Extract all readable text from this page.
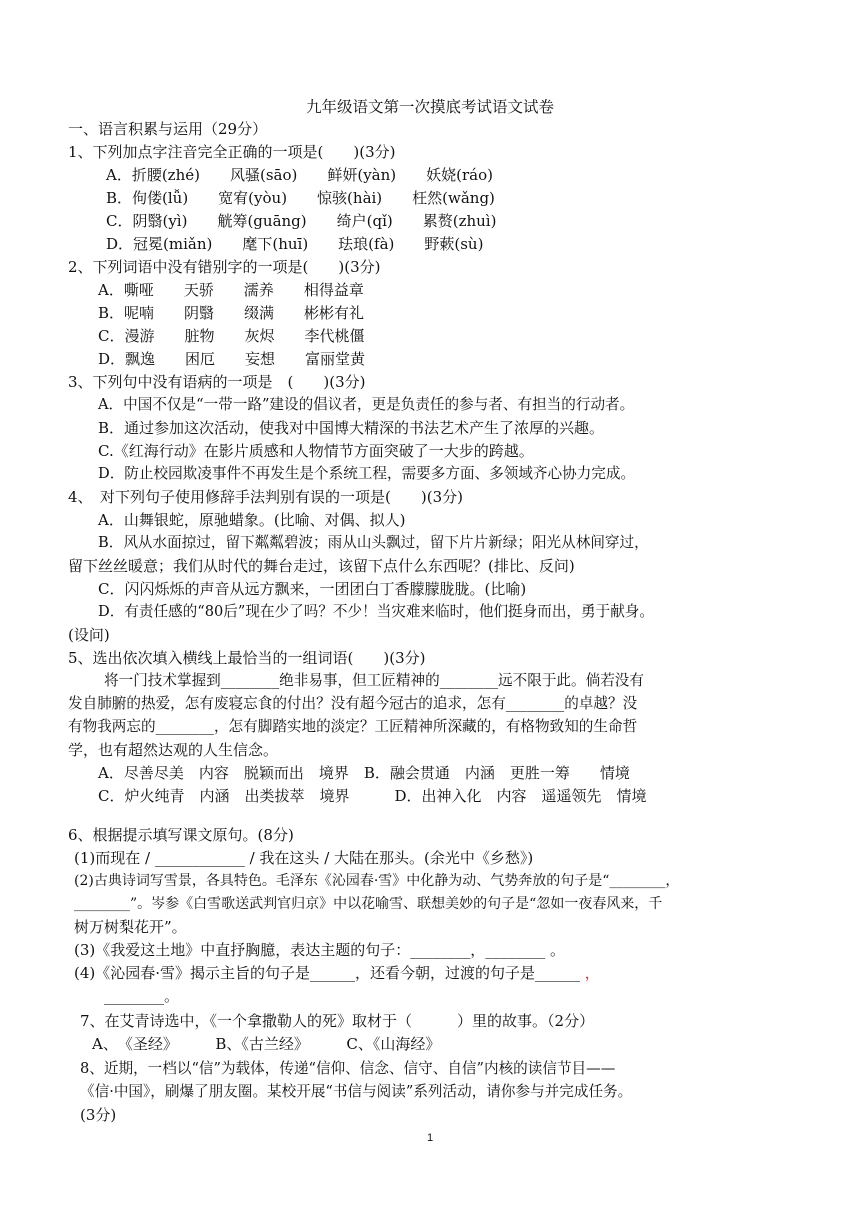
九年级语文第一次摸底考试语文试卷
一、语言积累与运用（29分）
1、下列加点字注音完全正确的一项是(　　)(3分)
A．折腰(zhé)　　风骚(sāo)　　鲜妍(yàn)　　妖娆(ráo)
B．佝偻(lǚ)　　宽宥(yòu)　　惊骇(hài)　　枉然(wǎng)
C．阴翳(yì)　　觥筹(guāng)　　绮户(qǐ)　　累赘(zhuì)
D．冠冕(miǎn)　　麾下(huī)　　珐琅(fà)　　野蔌(sù)
2、下列词语中没有错别字的一项是(　　)(3分)
A．嘶哑　　天骄　　濡养　　相得益章
B．呢喃　　阴翳　　缀满　　彬彬有礼
C．漫游　　脏物　　灰烬　　李代桃僵
D．飘逸　　困厄　　妄想　　富丽堂黄
3、下列句中没有语病的一项是　(　　)(3分)
A．中国不仅是“一带一路”建设的倡议者，更是负责任的参与者、有担当的行动者。
B．通过参加这次活动，使我对中国博大精深的书法艺术产生了浓厚的兴趣。
C.《红海行动》在影片质感和人物情节方面突破了一大步的跨越。
D．防止校园欺凌事件不再发生是个系统工程，需要多方面、多领域齐心协力完成。
4、　对下列句子使用修辞手法判别有误的一项是(　　)(3分)
A．山舞银蛇，原驰蜡象。(比喻、对偶、拟人)
B．风从水面掠过，留下粼粼碧波；雨从山头飘过，留下片片新绿；阳光从林间穿过，
留下丝丝暖意；我们从时代的舞台走过，该留下点什么东西呢？(排比、反问)
C．闪闪烁烁的声音从远方飘来，一团团白丁香朦朦胧胧。(比喻)
D．有责任感的“80后”现在少了吗？不少！当灾难来临时，他们挺身而出，勇于献身。
(设问)
5、选出依次填入横线上最恰当的一组词语(　　)(3分)
将一门技术掌握到________绝非易事，但工匠精神的________远不限于此。倘若没有
发自肺腑的热爱，怎有废寝忘食的付出？没有超今冠古的追求，怎有________的卓越？没
有物我两忘的________，怎有脚踏实地的淡定？工匠精神所深藏的，有格物致知的生命哲
学，也有超然达观的人生信念。
A．尽善尽美　内容　脱颖而出　境界　B．融会贯通　内涵　更胜一筹　　情境
C．炉火纯青　内涵　出类拔萃　境界　　　D．出神入化　内容　遥遥领先　情境
6、根据提示填写课文原句。(8分)
(1)而现在 / ____________ / 我在这头 / 大陆在那头。(余光中《乡愁》)
(2)古典诗词写雪景，各具特色。毛泽东《沁园春·雪》中化静为动、气势奔放的句子是“________，
________”。岑参《白雪歌送武判官归京》中以花喻雪、联想美妙的句子是“忽如一夜春风来，千
树万树梨花开”。
(3)《我爱这土地》中直抒胸臆，表达主题的句子：________，________ 。
(4)《沁园春·雪》揭示主旨的句子是______，还看今朝，过渡的句子是______ ，
________。
7、在艾青诗选中，《一个拿撒勒人的死》取材于（　　　）里的故事。（2分）
A、　《圣经》　　　B、《古兰经》　　　C、《山海经》
8、近期，一档以“信”为载体，传递“信仰、信念、信守、自信”内核的读信节目——
《信·中国》，刷爆了朋友圈。某校开展“书信与阅读”系列活动，请你参与并完成任务。
(3分)
1
